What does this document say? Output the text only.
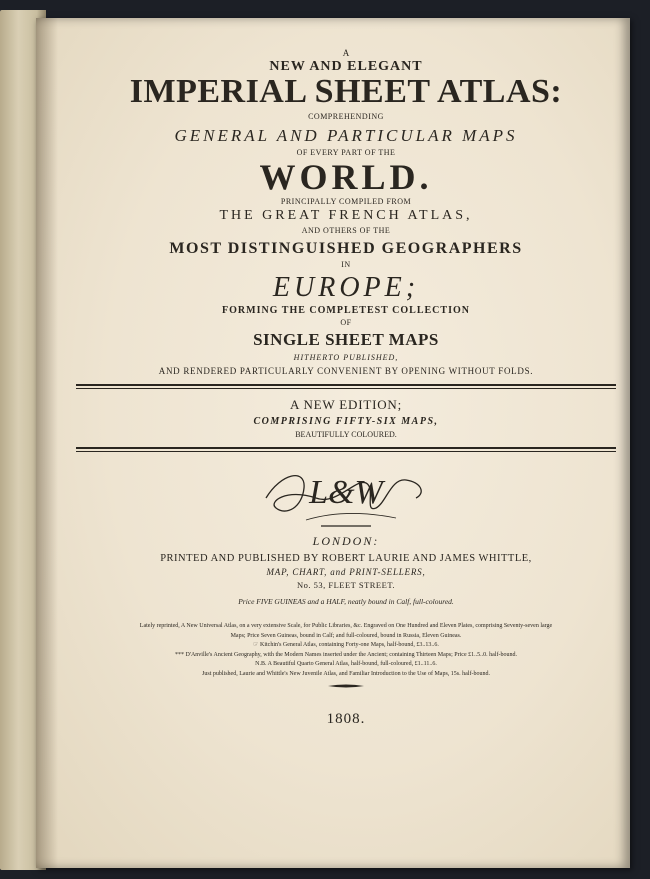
A
NEW AND ELEGANT
IMPERIAL SHEET ATLAS:
COMPREHENDING
GENERAL AND PARTICULAR MAPS
OF EVERY PART OF THE
WORLD.
PRINCIPALLY COMPILED FROM
THE GREAT FRENCH ATLAS,
AND OTHERS OF THE
MOST DISTINGUISHED GEOGRAPHERS
IN
EUROPE;
FORMING THE COMPLETEST COLLECTION
OF
SINGLE SHEET MAPS
HITHERTO PUBLISHED,
AND RENDERED PARTICULARLY CONVENIENT BY OPENING WITHOUT FOLDS.
A NEW EDITION;
COMPRISING FIFTY-SIX MAPS,
BEAUTIFULLY COLOURED.
L&W
LONDON:
PRINTED AND PUBLISHED BY ROBERT LAURIE AND JAMES WHITTLE,
MAP, CHART, and PRINT-SELLERS,
No. 53, FLEET STREET.
Price FIVE GUINEAS and a HALF, neatly bound in Calf, full-coloured.
Lately reprinted, A New Universal Atlas, on a very extensive Scale, for Public Libraries, &c. Engraved on One Hundred and Eleven Plates, comprising Seventy-seven large
Maps; Price Seven Guineas, bound in Calf; and full-coloured, bound in Russia, Eleven Guineas.
☞ Kitchin's General Atlas, containing Forty-one Maps, half-bound, £3..13..6.
*** D'Anville's Ancient Geography, with the Modern Names inserted under the Ancient; containing Thirteen Maps; Price £1..5..0. half-bound.
N.B. A Beautiful Quarto General Atlas, half-bound, full-coloured, £1..11..6.
Just published, Laurie and Whittle's New Juvenile Atlas, and Familiar Introduction to the Use of Maps, 15s. half-bound.
1808.
